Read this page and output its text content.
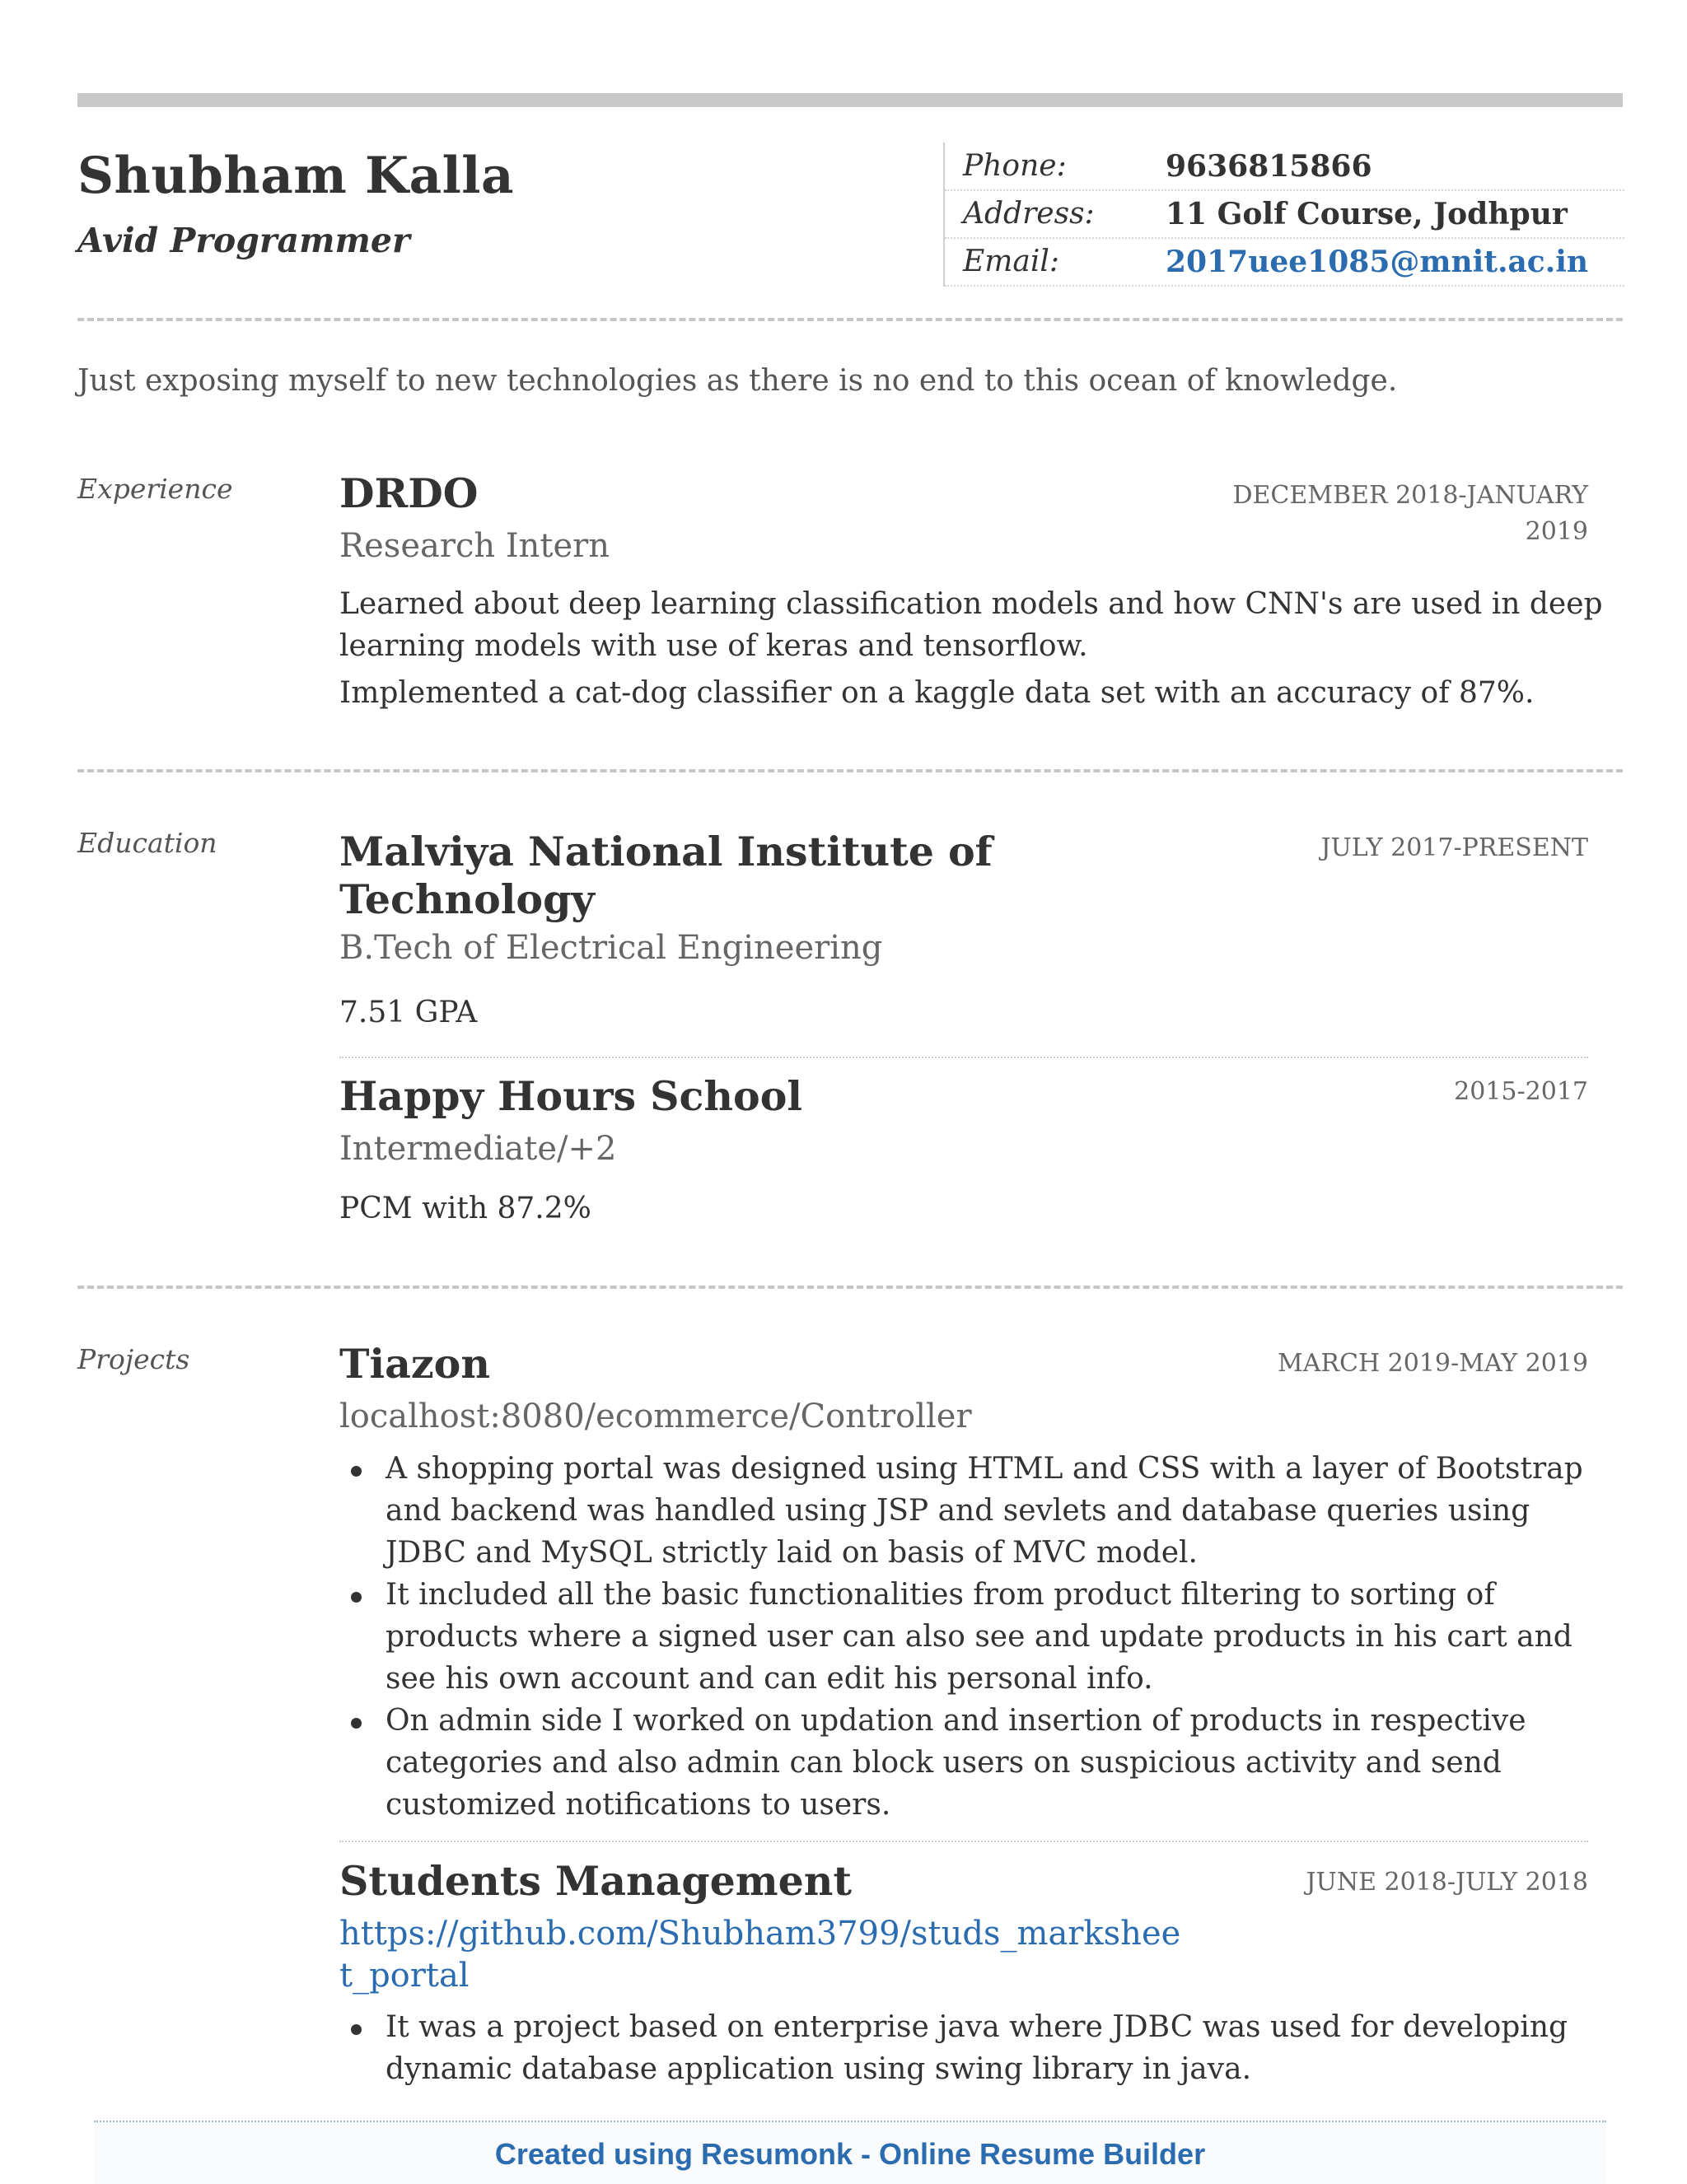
Shubham Kalla
Avid Programmer
Phone:	9636815866
Address: 11 Golf Course, Jodhpur
Email:	2017uee1085@mnit.ac.in
Just exposing myself to new technologies as there is no end to this ocean of knowledge.
Experience	DRDO	DECEMBER 2018-JANUARY
2019
Research Intern
Learned about deep learning classification models and how CNN's are used in deep learning models with use of keras and tensorflow.
Implemented a cat-dog classifier on a kaggle data set with an accuracy of 87%.
Education	Malviya National Institute of
Technology
JULY 2017-PRESENT
B.Tech of Electrical Engineering
7.51 GPA
Happy Hours School	2015-2017
Intermediate/+2
PCM with 87.2%
Projects	Tiazon	MARCH 2019-MAY 2019
localhost:8080/ecommerce/Controller
A shopping portal was designed using HTML and CSS with a layer of Bootstrap and backend was handled using JSP and sevlets and database queries using JDBC and MySQL strictly laid on basis of MVC model.
It included all the basic functionalities from product filtering to sorting of products where a signed user can also see and update products in his cart and see his own account and can edit his personal info.
On admin side I worked on updation and insertion of products in respective categories and also admin can block users on suspicious activity and send customized notifications to users.
Students Management	JUNE 2018-JULY 2018
https://github.com/Shubham3799/studs_markshee
t_portal
It was a project based on enterprise java where JDBC was used for developing dynamic database application using swing library in java.
Created using Resumonk - Online Resume Builder
